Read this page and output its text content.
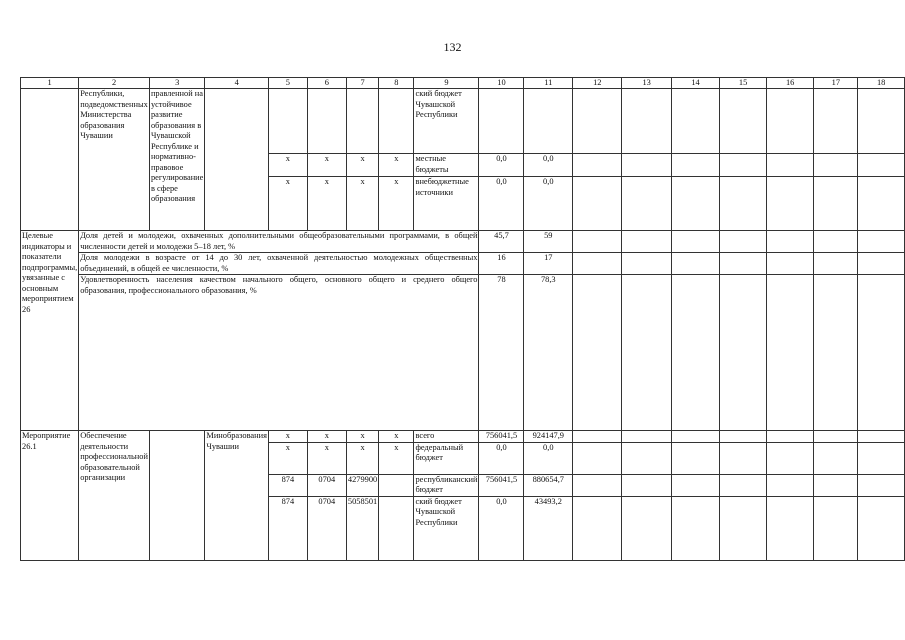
132
1	2	3	4	5	6	7	8	9	10	11	12	13	14	15	16	17	18
	Республики, подведомственных Министерства образования Чувашии	правленной на устойчивое развитие образования в Чувашской Республике и нормативно-правовое регулирование в сфере образования						ский бюджет Чувашской Республики									
				x	x	x	x	местные бюджеты	0,0	0,0							
				x	x	x	x	внебюджетные источники	0,0	0,0							
Целевые индикаторы и показатели подпрограммы, увязанные с основным мероприятием 26	Доля детей и молодежи, охваченных дополнительными общеобразовательными программами, в общей численности детей и молодежи 5–18 лет, %								45,7	59							
	Доля молодежи в возрасте от 14 до 30 лет, охваченной деятельностью молодежных общественных объединений, в общей ее численности, %								16	17							
	Удовлетворенность населения качеством начального общего, основного общего и среднего общего образования, профессионального образования, %								78	78,3							
Мероприятие 26.1	Обеспечение деятельности профессиональной образовательной организации		Минобразования Чувашии	x	x	x	x	всего	756041,5	924147,9							
				x	x	x	x	федеральный бюджет	0,0	0,0							
				874	0704	4279900		республиканский бюджет	756041,5	880654,7							
				874	0704	5058501		ский бюджет Чувашской Республики	0,0	43493,2							
